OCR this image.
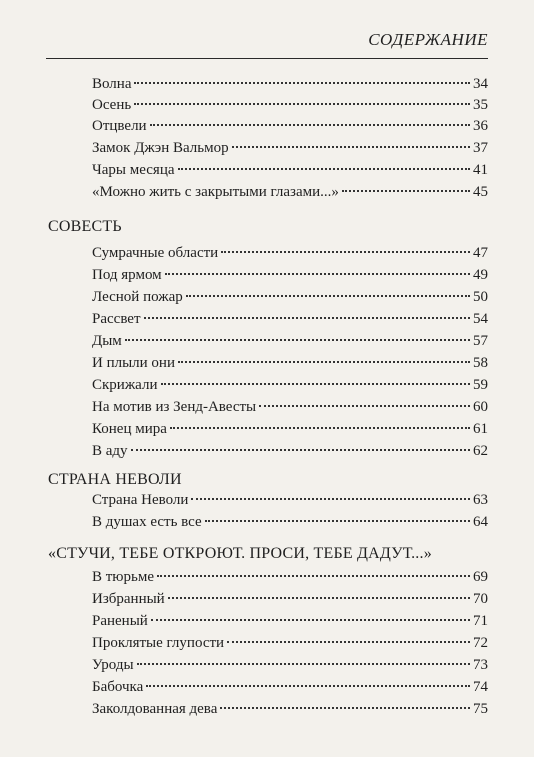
СОДЕРЖАНИЕ
Волна	34
Осень	35
Отцвели	36
Замок Джэн Вальмор	37
Чары месяца	41
«Можно жить с закрытыми глазами...»	45
СОВЕСТЬ
Сумрачные области	47
Под ярмом	49
Лесной пожар	50
Рассвет	54
Дым	57
И плыли они	58
Скрижали	59
На мотив из Зенд-Авесты	60
Конец мира	61
В аду	62
СТРАНА НЕВОЛИ
Страна Неволи	63
В душах есть все	64
«СТУЧИ, ТЕБЕ ОТКРОЮТ. ПРОСИ, ТЕБЕ ДАДУТ...»
В тюрьме	69
Избранный	70
Раненый	71
Проклятые глупости	72
Уроды	73
Бабочка	74
Заколдованная дева	75
